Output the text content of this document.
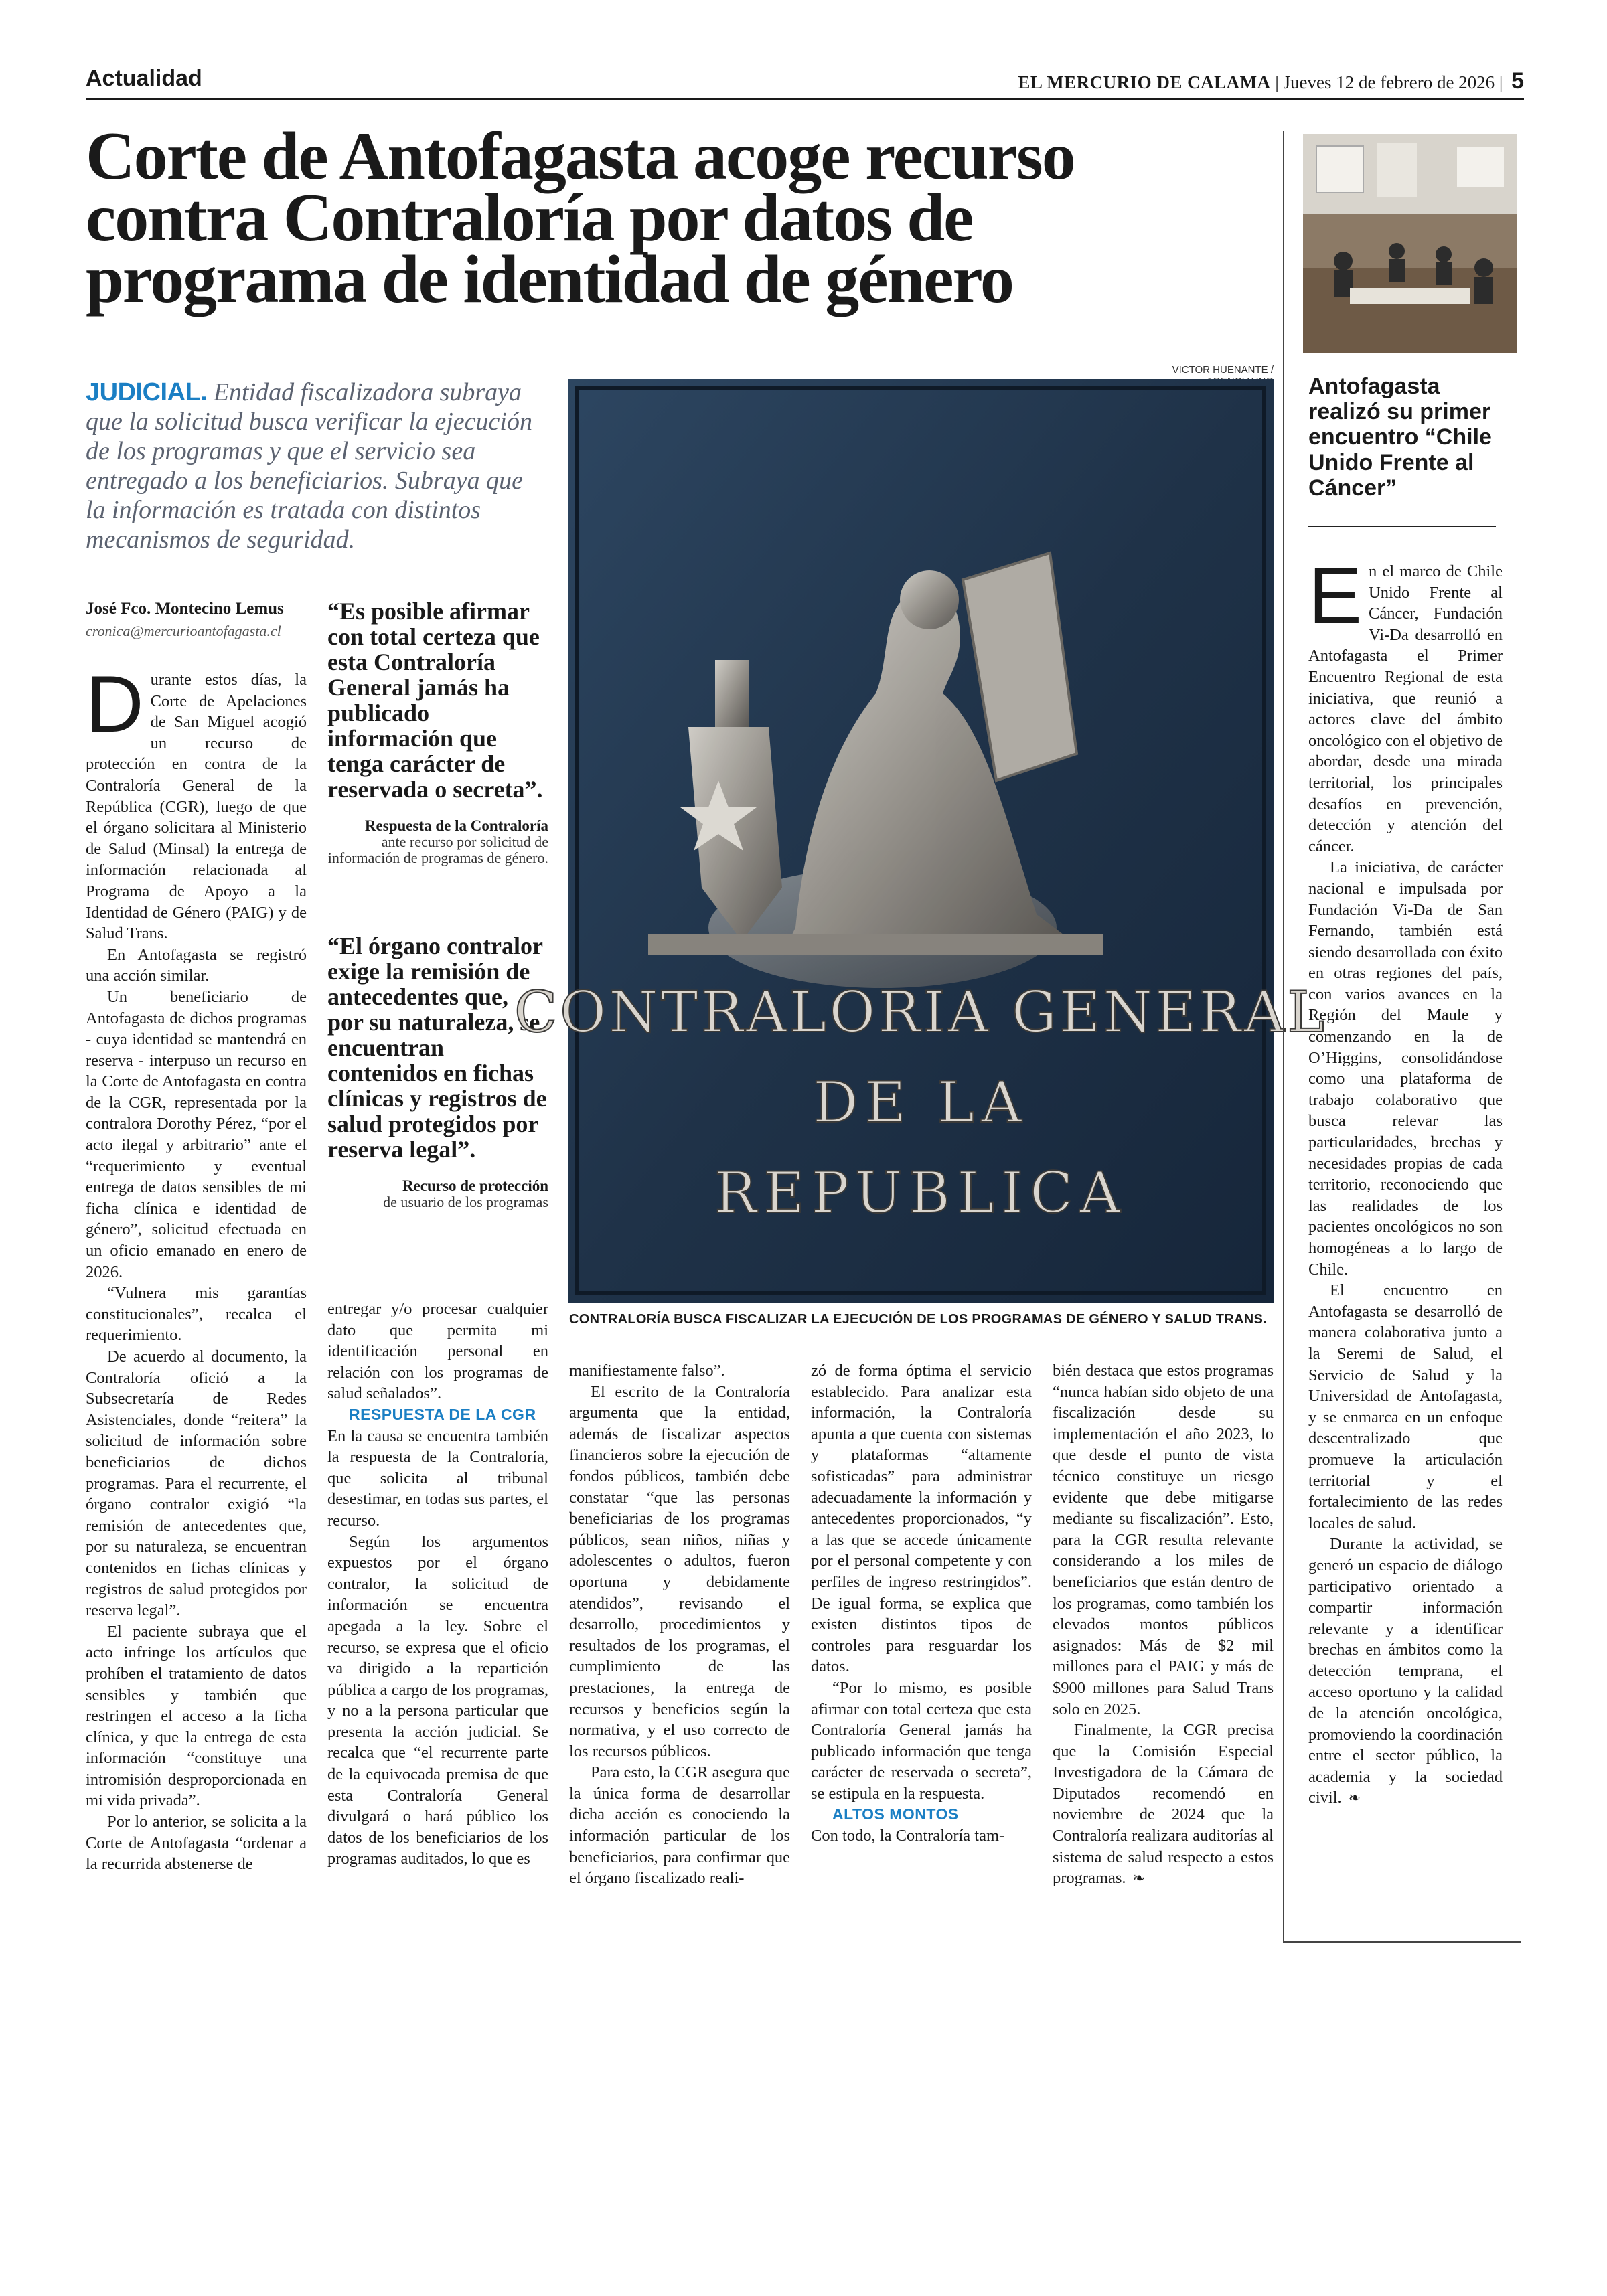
Actualidad	EL MERCURIO DE CALAMA | Jueves 12 de febrero de 2026 | 5
Corte de Antofagasta acoge recurso contra Contraloría por datos de programa de identidad de género

JUDICIAL. Entidad fiscalizadora subraya que la solicitud busca verificar la ejecución de los programas y que el servicio sea entregado a los beneficiarios. Subraya que la información es tratada con distintos mecanismos de seguridad.

José Fco. Montecino Lemus
cronica@mercurioantofagasta.cl
“Es posible afirmar con total certeza que esta Contraloría General jamás ha publicado información que tenga carácter de reservada o secreta”.
Respuesta de la Contraloría
ante recurso por solicitud de información de programas de género.
“El órgano contralor exige la remisión de antecedentes que, por su naturaleza, se encuentran contenidos en fichas clínicas y registros de salud protegidos por reserva legal”.
Recurso de protección
de usuario de los programas
VICTOR HUENANTE /
CONTRALORIA GENERAL
DE LA
REPUBLICA
CONTRALORÍA BUSCA FISCALIZAR LA EJECUCIÓN DE LOS PROGRAMAS DE GÉNERO Y SALUD TRANS.

Durante estos días, la Corte de Apelaciones de San Miguel acogió un recurso de protección en contra de la Contraloría General de la República (CGR), luego de que el órgano solicitara al Ministerio de Salud (Minsal) la entrega de información relacionada al Programa de Apoyo a la Identidad de Género (PAIG) y de Salud Trans.

En Antofagasta se registró una acción similar.

Un beneficiario de Antofagasta de dichos programas - cuya identidad se mantendrá en reserva - interpuso un recurso en la Corte de Antofagasta en contra de la CGR, representada por la contralora Dorothy Pérez, “por el acto ilegal y arbitrario” ante el “requerimiento y eventual entrega de datos sensibles de mi ficha clínica e identidad de género”, solicitud efectuada en un oficio emanado en enero de 2026.

“Vulnera mis garantías constitucionales”, recalca el requerimiento.

De acuerdo al documento, la Contraloría ofició a la Subsecretaría de Redes Asistenciales, donde “reitera” la solicitud de información sobre beneficiarios de dichos programas. Para el recurrente, el órgano contralor exigió “la remisión de antecedentes que, por su naturaleza, se encuentran contenidos en fichas clínicas y registros de salud protegidos por reserva legal”.

El paciente subraya que el acto infringe los artículos que prohíben el tratamiento de datos sensibles y también que restringen el acceso a la ficha clínica, y que la entrega de esta información “constituye una intromisión desproporcionada en mi vida privada”.

Por lo anterior, se solicita a la Corte de Antofagasta “ordenar a la recurrida abstenerse de

entregar y/o procesar cualquier dato que permita mi identificación personal en relación con los programas de salud señalados”.

RESPUESTA DE LA CGR

En la causa se encuentra también la respuesta de la Contraloría, que solicita al tribunal desestimar, en todas sus partes, el recurso.

Según los argumentos expuestos por el órgano contralor, la solicitud de información se encuentra apegada a la ley. Sobre el recurso, se expresa que el oficio va dirigido a la repartición pública a cargo de los programas, y no a la persona particular que presenta la acción judicial. Se recalca que “el recurrente parte de la equivocada premisa de que esta Contraloría General divulgará o hará público los datos de los beneficiarios de los programas auditados, lo que es

manifiestamente falso”.

El escrito de la Contraloría argumenta que la entidad, además de fiscalizar aspectos financieros sobre la ejecución de fondos públicos, también debe constatar “que las personas beneficiarias de los programas públicos, sean niños, niñas y adolescentes o adultos, fueron oportuna y debidamente atendidos”, revisando el desarrollo, procedimientos y resultados de los programas, el cumplimiento de las prestaciones, la entrega de recursos y beneficios según la normativa, y el uso correcto de los recursos públicos.

Para esto, la CGR asegura que la única forma de desarrollar dicha acción es conociendo la información particular de los beneficiarios, para confirmar que el órgano fiscalizado reali-

zó de forma óptima el servicio establecido. Para analizar esta información, la Contraloría apunta a que cuenta con sistemas y plataformas “altamente sofisticadas” para administrar adecuadamente la información y antecedentes proporcionados, “y a las que se accede únicamente por el personal competente y con perfiles de ingreso restringidos”. De igual forma, se explica que existen distintos tipos de controles para resguardar los datos.

“Por lo mismo, es posible afirmar con total certeza que esta Contraloría General jamás ha publicado información que tenga carácter de reservada o secreta”, se estipula en la respuesta.

ALTOS MONTOS

Con todo, la Contraloría tam-

bién destaca que estos programas “nunca habían sido objeto de una fiscalización desde su implementación el año 2023, lo que desde el punto de vista técnico constituye un riesgo evidente que debe mitigarse mediante su fiscalización”. Esto, para la CGR resulta relevante considerando a los miles de beneficiarios que están dentro de los programas, como también los elevados montos públicos asignados: Más de $2 mil millones para el PAIG y más de $900 millones para Salud Trans solo en 2025.

Finalmente, la CGR precisa que la Comisión Especial Investigadora de la Cámara de Diputados recomendó en noviembre de 2024 que la Contraloría realizara auditorías al sistema de salud respecto a estos programas. ❧

Antofagasta realizó su primer encuentro “Chile Unido Frente al Cáncer”

En el marco de Chile Unido Frente al Cáncer, Fundación Vi-Da desarrolló en Antofagasta el Primer Encuentro Regional de esta iniciativa, que reunió a actores clave del ámbito oncológico con el objetivo de abordar, desde una mirada territorial, los principales desafíos en prevención, detección y atención del cáncer.

La iniciativa, de carácter nacional e impulsada por Fundación Vi-Da de San Fernando, también está siendo desarrollada con éxito en otras regiones del país, con varios avances en la Región del Maule y comenzando en la de O’Higgins, consolidándose como una plataforma de trabajo colaborativo que busca relevar las particularidades, brechas y necesidades propias de cada territorio, reconociendo que las realidades de los pacientes oncológicos no son homogéneas a lo largo de Chile.

El encuentro en Antofagasta se desarrolló de manera colaborativa junto a la Seremi de Salud, el Servicio de Salud y la Universidad de Antofagasta, y se enmarca en un enfoque descentralizado que promueve la articulación territorial y el fortalecimiento de las redes locales de salud.

Durante la actividad, se generó un espacio de diálogo participativo orientado a compartir información relevante y a identificar brechas en ámbitos como la detección temprana, el acceso oportuno y la calidad de la atención oncológica, promoviendo la coordinación entre el sector público, la academia y la sociedad civil. ❧
